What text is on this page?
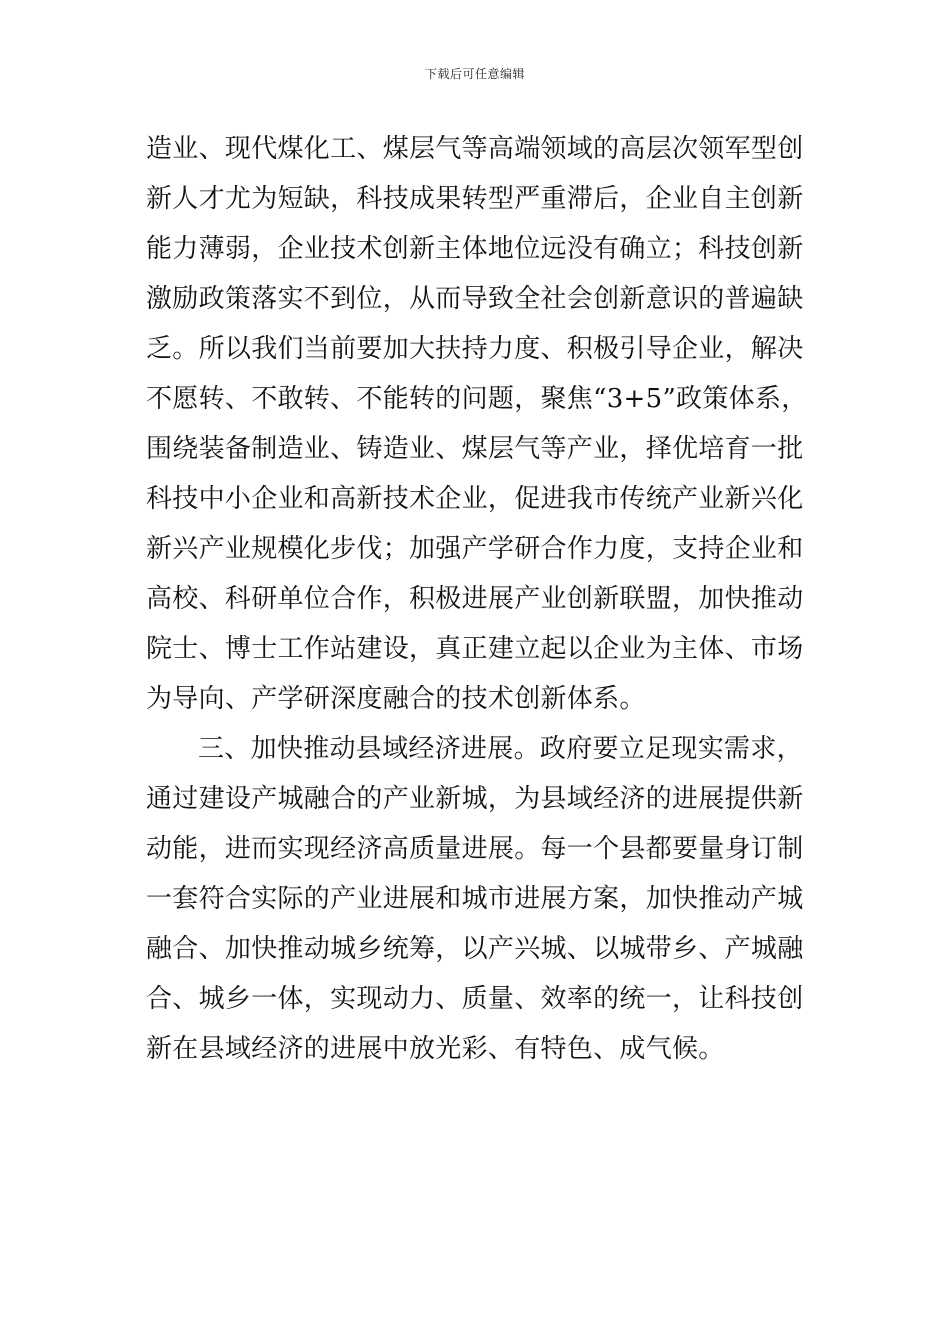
下载后可任意编辑
造业、现代煤化工、煤层气等高端领域的高层次领军型创
新人才尤为短缺，科技成果转型严重滞后，企业自主创新
能力薄弱，企业技术创新主体地位远没有确立；科技创新
激励政策落实不到位，从而导致全社会创新意识的普遍缺
乏。所以我们当前要加大扶持力度、积极引导企业，解决
不愿转、不敢转、不能转的问题，聚焦“3+5”政策体系，
围绕装备制造业、铸造业、煤层气等产业，择优培育一批
科技中小企业和高新技术企业，促进我市传统产业新兴化
新兴产业规模化步伐；加强产学研合作力度，支持企业和
高校、科研单位合作，积极进展产业创新联盟，加快推动
院士、博士工作站建设，真正建立起以企业为主体、市场
为导向、产学研深度融合的技术创新体系。
三、加快推动县域经济进展。政府要立足现实需求，
通过建设产城融合的产业新城，为县域经济的进展提供新
动能，进而实现经济高质量进展。每一个县都要量身订制
一套符合实际的产业进展和城市进展方案，加快推动产城
融合、加快推动城乡统筹，以产兴城、以城带乡、产城融
合、城乡一体，实现动力、质量、效率的统一，让科技创
新在县域经济的进展中放光彩、有特色、成气候。
